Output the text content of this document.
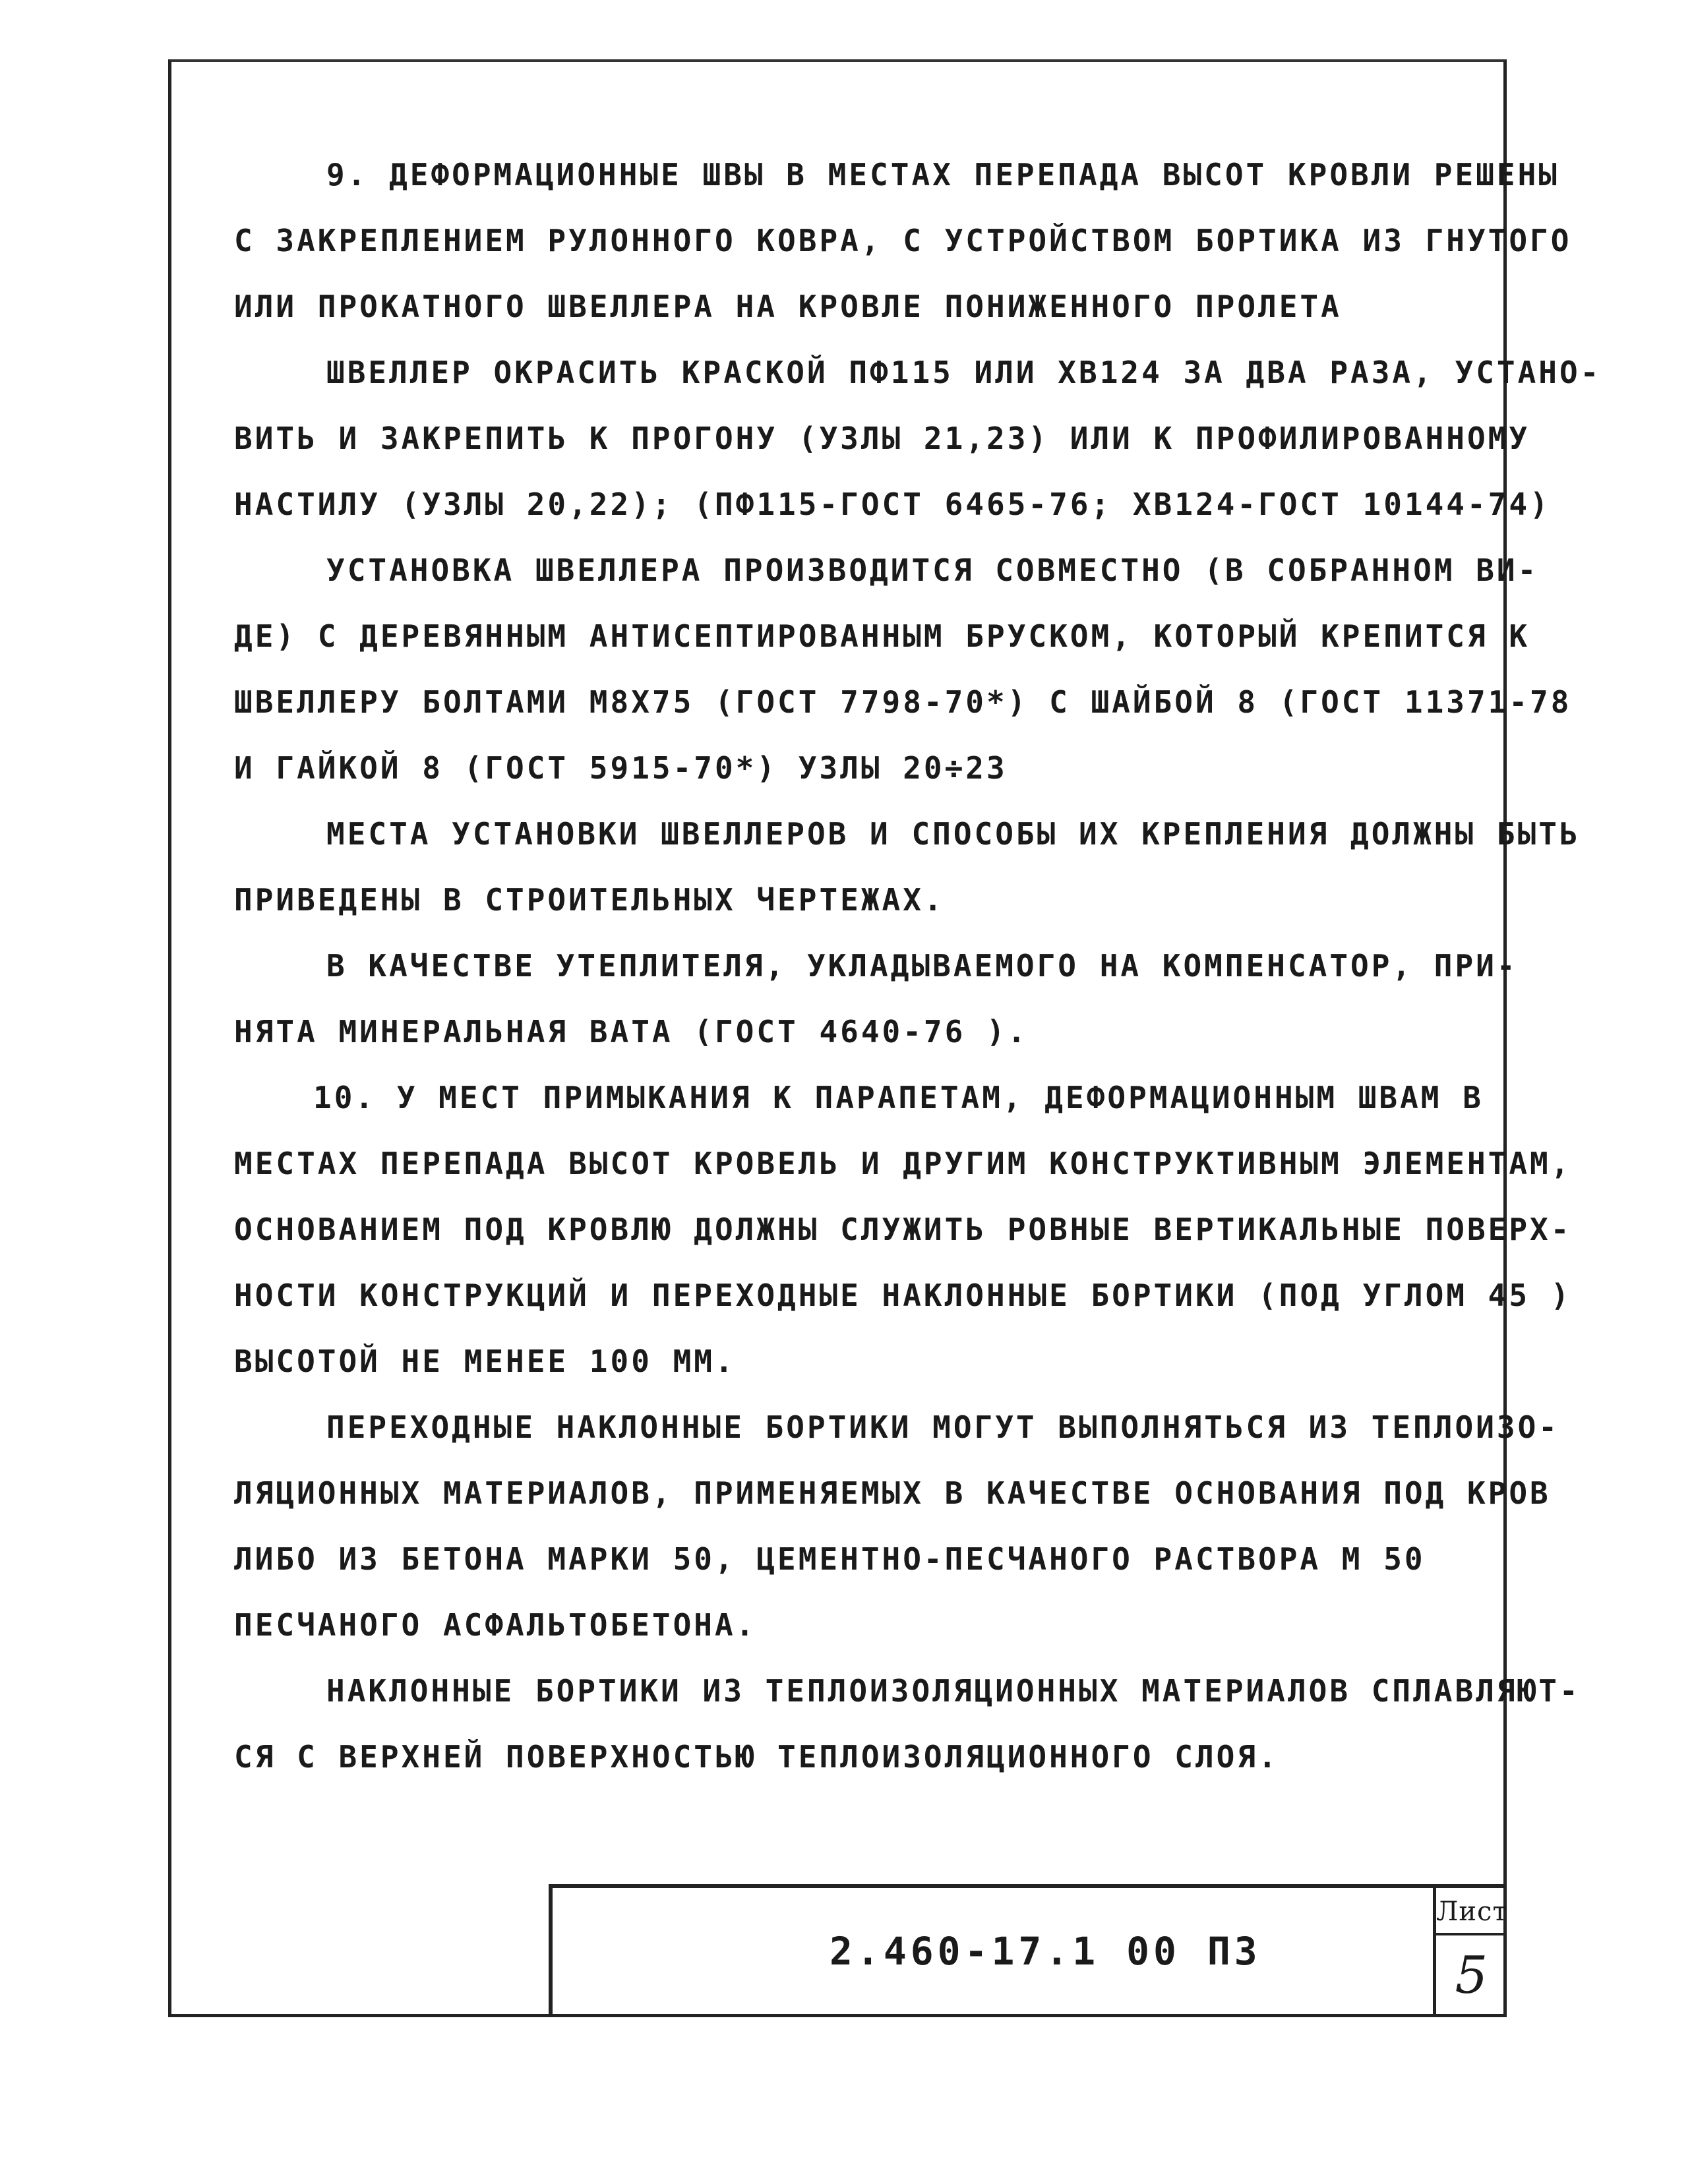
9. ДЕФОРМАЦИОННЫЕ ШВЫ В МЕСТАХ ПЕРЕПАДА ВЫСОТ КРОВЛИ РЕШЕНЫ
С ЗАКРЕПЛЕНИЕМ РУЛОННОГО КОВРА, С УСТРОЙСТВОМ БОРТИКА ИЗ ГНУТОГО
ИЛИ ПРОКАТНОГО ШВЕЛЛЕРА НА КРОВЛЕ ПОНИЖЕННОГО ПРОЛЕТА
ШВЕЛЛЕР ОКРАСИТЬ КРАСКОЙ ПФ115 ИЛИ ХВ124 ЗА ДВА РАЗА, УСТАНО-
ВИТЬ И ЗАКРЕПИТЬ К ПРОГОНУ (УЗЛЫ 21,23) ИЛИ К ПРОФИЛИРОВАННОМУ
НАСТИЛУ (УЗЛЫ 20,22); (ПФ115-ГОСТ 6465-76; ХВ124-ГОСТ 10144-74)
УСТАНОВКА ШВЕЛЛЕРА ПРОИЗВОДИТСЯ СОВМЕСТНО (В СОБРАННОМ ВИ-
ДЕ) С ДЕРЕВЯННЫМ АНТИСЕПТИРОВАННЫМ БРУСКОМ, КОТОРЫЙ КРЕПИТСЯ К
ШВЕЛЛЕРУ БОЛТАМИ М8Х75 (ГОСТ 7798-70*) С ШАЙБОЙ 8 (ГОСТ 11371-78
И ГАЙКОЙ 8 (ГОСТ 5915-70*) УЗЛЫ 20÷23
МЕСТА УСТАНОВКИ ШВЕЛЛЕРОВ И СПОСОБЫ ИХ КРЕПЛЕНИЯ ДОЛЖНЫ БЫТЬ
ПРИВЕДЕНЫ В СТРОИТЕЛЬНЫХ ЧЕРТЕЖАХ.
В КАЧЕСТВЕ УТЕПЛИТЕЛЯ, УКЛАДЫВАЕМОГО НА КОМПЕНСАТОР, ПРИ-
НЯТА МИНЕРАЛЬНАЯ ВАТА (ГОСТ 4640-76 ).
10. У МЕСТ ПРИМЫКАНИЯ К ПАРАПЕТАМ, ДЕФОРМАЦИОННЫМ ШВАМ В
МЕСТАХ ПЕРЕПАДА ВЫСОТ КРОВЕЛЬ И ДРУГИМ КОНСТРУКТИВНЫМ ЭЛЕМЕНТАМ,
ОСНОВАНИЕМ ПОД КРОВЛЮ ДОЛЖНЫ СЛУЖИТЬ РОВНЫЕ ВЕРТИКАЛЬНЫЕ ПОВЕРХ-
НОСТИ КОНСТРУКЦИЙ И ПЕРЕХОДНЫЕ НАКЛОННЫЕ БОРТИКИ (ПОД УГЛОМ 45 )
ВЫСОТОЙ НЕ МЕНЕЕ 100 ММ.
ПЕРЕХОДНЫЕ НАКЛОННЫЕ БОРТИКИ МОГУТ ВЫПОЛНЯТЬСЯ ИЗ ТЕПЛОИЗО-
ЛЯЦИОННЫХ МАТЕРИАЛОВ, ПРИМЕНЯЕМЫХ В КАЧЕСТВЕ ОСНОВАНИЯ ПОД КРОВ
ЛИБО ИЗ БЕТОНА МАРКИ 50, ЦЕМЕНТНО-ПЕСЧАНОГО РАСТВОРА М 50
ПЕСЧАНОГО АСФАЛЬТОБЕТОНА.
НАКЛОННЫЕ БОРТИКИ ИЗ ТЕПЛОИЗОЛЯЦИОННЫХ МАТЕРИАЛОВ СПЛАВЛЯЮТ-
СЯ С ВЕРХНЕЙ ПОВЕРХНОСТЬЮ ТЕПЛОИЗОЛЯЦИОННОГО СЛОЯ.
2.460-17.1 00 ПЗ
Лист
5
